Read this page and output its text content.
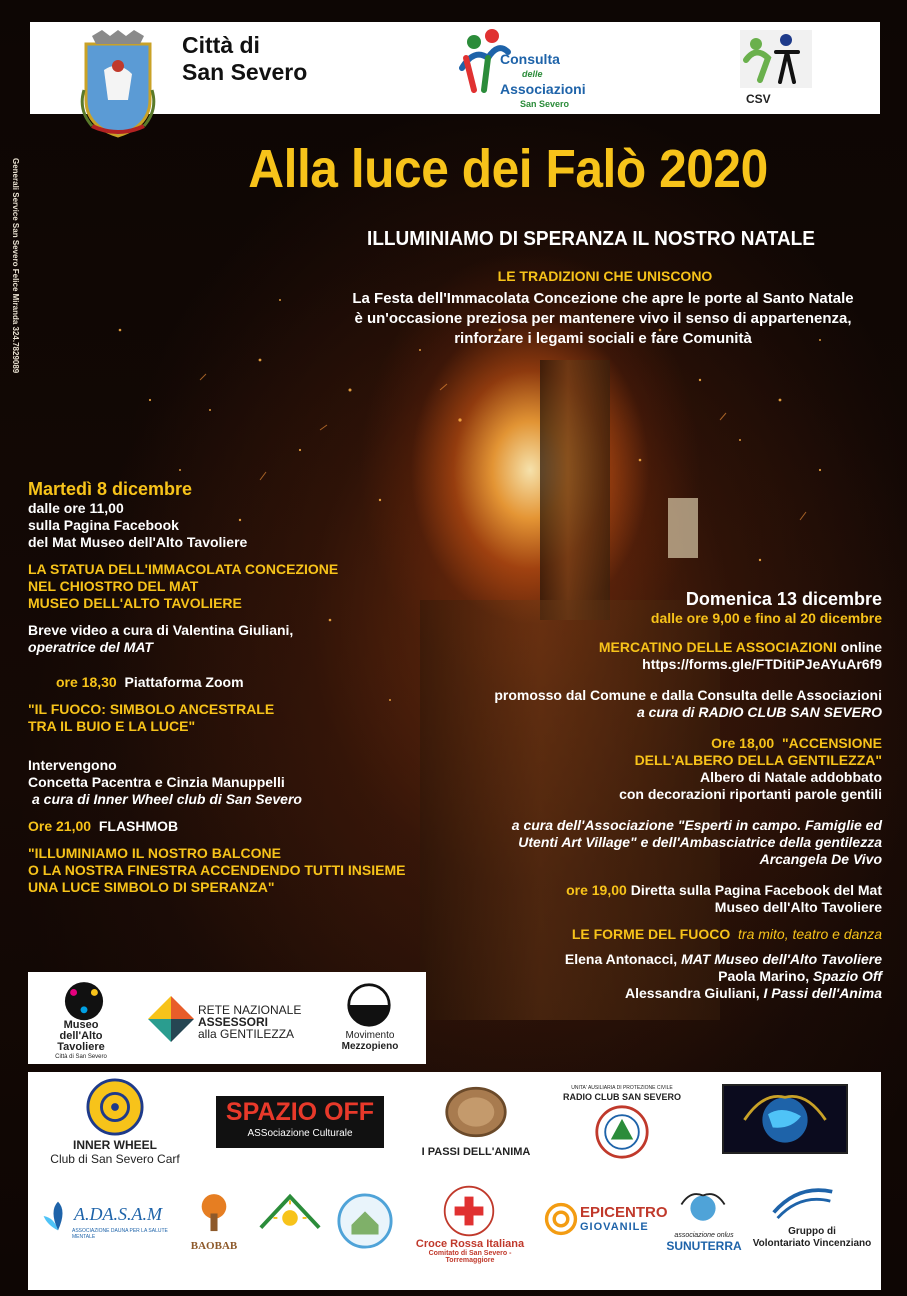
Città di
San Severo	Consulta
delle
Associazioni
San Severo	CSV
Generali Service San Severo Felice Miranda 324.7829089	Alla luce dei Falò 2020
ILLUMINIAMO DI SPERANZA IL NOSTRO NATALE
LE TRADIZIONI CHE UNISCONO
La Festa dell'Immacolata Concezione che apre le porte al Santo Natale
è un'occasione preziosa per mantenere vivo il senso di appartenenza,
rinforzare i legami sociali e fare Comunità
Martedì 8 dicembre
dalle ore 11,00
sulla Pagina Facebook
del Mat Museo dell'Alto Tavoliere
LA STATUA DELL'IMMACOLATA CONCEZIONE
NEL CHIOSTRO DEL MAT
MUSEO DELL'ALTO TAVOLIERE
Breve video a cura di Valentina Giuliani,
operatrice del MAT
ore 18,30 Piattaforma Zoom
"IL FUOCO: SIMBOLO ANCESTRALE
TRA IL BUIO E LA LUCE"
Intervengono
Concetta Pacentra e Cinzia Manuppelli
a cura di Inner Wheel club di San Severo
Ore 21,00 FLASHMOB
"ILLUMINIAMO IL NOSTRO BALCONE
O LA NOSTRA FINESTRA ACCENDENDO TUTTI INSIEME
UNA LUCE SIMBOLO DI SPERANZA"
Domenica 13 dicembre
dalle ore 9,00 e fino al 20 dicembre
MERCATINO DELLE ASSOCIAZIONI online
https://forms.gle/FTDitiPJeAYuAr6f9
promosso dal Comune e dalla Consulta delle Associazioni
a cura di RADIO CLUB SAN SEVERO
Ore 18,00 "ACCENSIONE
DELL'ALBERO DELLA GENTILEZZA"
Albero di Natale addobbato
con decorazioni riportanti parole gentili
a cura dell'Associazione "Esperti in campo. Famiglie ed
Utenti Art Village" e dell'Ambasciatrice della gentilezza
Arcangela De Vivo
ore 19,00 Diretta sulla Pagina Facebook del Mat
Museo dell'Alto Tavoliere
LE FORME DEL FUOCO tra mito, teatro e danza
Elena Antonacci, MAT Museo dell'Alto Tavoliere
Paola Marino, Spazio Off
Alessandra Giuliani, I Passi dell'Anima
Museo
dell'Alto
Tavoliere
Città di San Severo
RETE NAZIONALE
ASSESSORI
alla GENTILEZZA	Movimento
Mezzopieno
INNER WHEEL
Club di San Severo Carf
SPAZIO OFF
ASSociazione Culturale
I PASSI DELL'ANIMA
UNITA' AUSILIARIA DI PROTEZIONE CIVILE
RADIO CLUB SAN SEVERO
A.DA.S.A.M
ASSOCIAZIONE DAUNA PER LA SALUTE MENTALE
BAOBAB	Croce Rossa Italiana
Comitato di San Severo - Torremaggiore
EPICENTRO
GIOVANILE
associazione onlus
SUNUTERRA
Gruppo di
Volontariato Vincenziano
